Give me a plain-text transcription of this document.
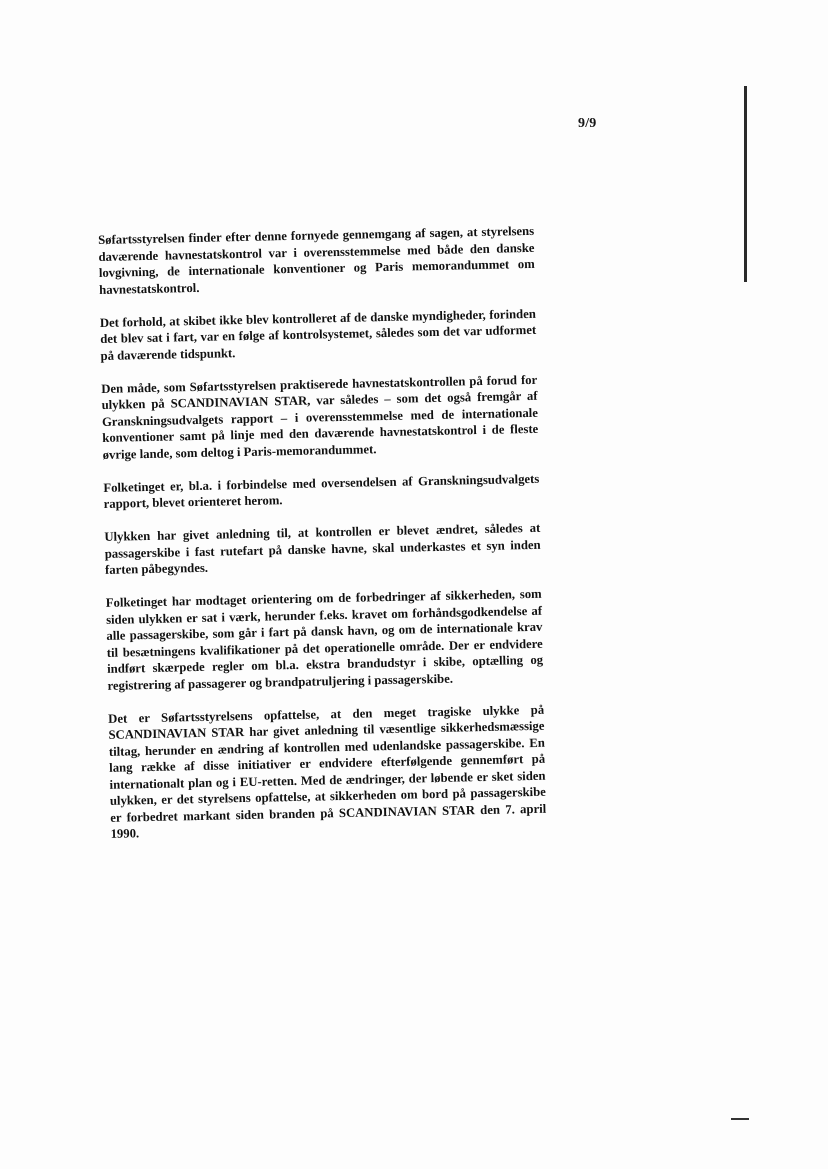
9/9

Søfartsstyrelsen finder efter denne fornyede gennemgang af sagen, at styrelsens daværende havnestatskontrol var i overensstemmelse med både den danske lovgivning, de internationale konventioner og Paris memorandummet om havnestatskontrol.

Det forhold, at skibet ikke blev kontrolleret af de danske myndigheder, forinden det blev sat i fart, var en følge af kontrolsystemet, således som det var udformet på daværende tidspunkt.

Den måde, som Søfartsstyrelsen praktiserede havnestatskontrollen på forud for ulykken på SCANDINAVIAN STAR, var således – som det også fremgår af Granskningsudvalgets rapport – i overensstemmelse med de internationale konventioner samt på linje med den daværende havnestatskontrol i de fleste øvrige lande, som deltog i Paris-memorandummet.

Folketinget er, bl.a. i forbindelse med oversendelsen af Granskningsudvalgets rapport, blevet orienteret herom.

Ulykken har givet anledning til, at kontrollen er blevet ændret, således at passagerskibe i fast rutefart på danske havne, skal underkastes et syn inden farten påbegyndes.

Folketinget har modtaget orientering om de forbedringer af sikkerheden, som siden ulykken er sat i værk, herunder f.eks. kravet om forhåndsgodkendelse af alle passagerskibe, som går i fart på dansk havn, og om de internationale krav til besætningens kvalifikationer på det operationelle område. Der er endvidere indført skærpede regler om bl.a. ekstra brandudstyr i skibe, optælling og registrering af passagerer og brandpatruljering i passagerskibe.

Det er Søfartsstyrelsens opfattelse, at den meget tragiske ulykke på SCANDINAVIAN STAR har givet anledning til væsentlige sikkerhedsmæssige tiltag, herunder en ændring af kontrollen med udenlandske passagerskibe. En lang række af disse initiativer er endvidere efterfølgende gennemført på internationalt plan og i EU-retten. Med de ændringer, der løbende er sket siden ulykken, er det styrelsens opfattelse, at sikkerheden om bord på passagerskibe er forbedret markant siden branden på SCANDINAVIAN STAR den 7. april 1990.
